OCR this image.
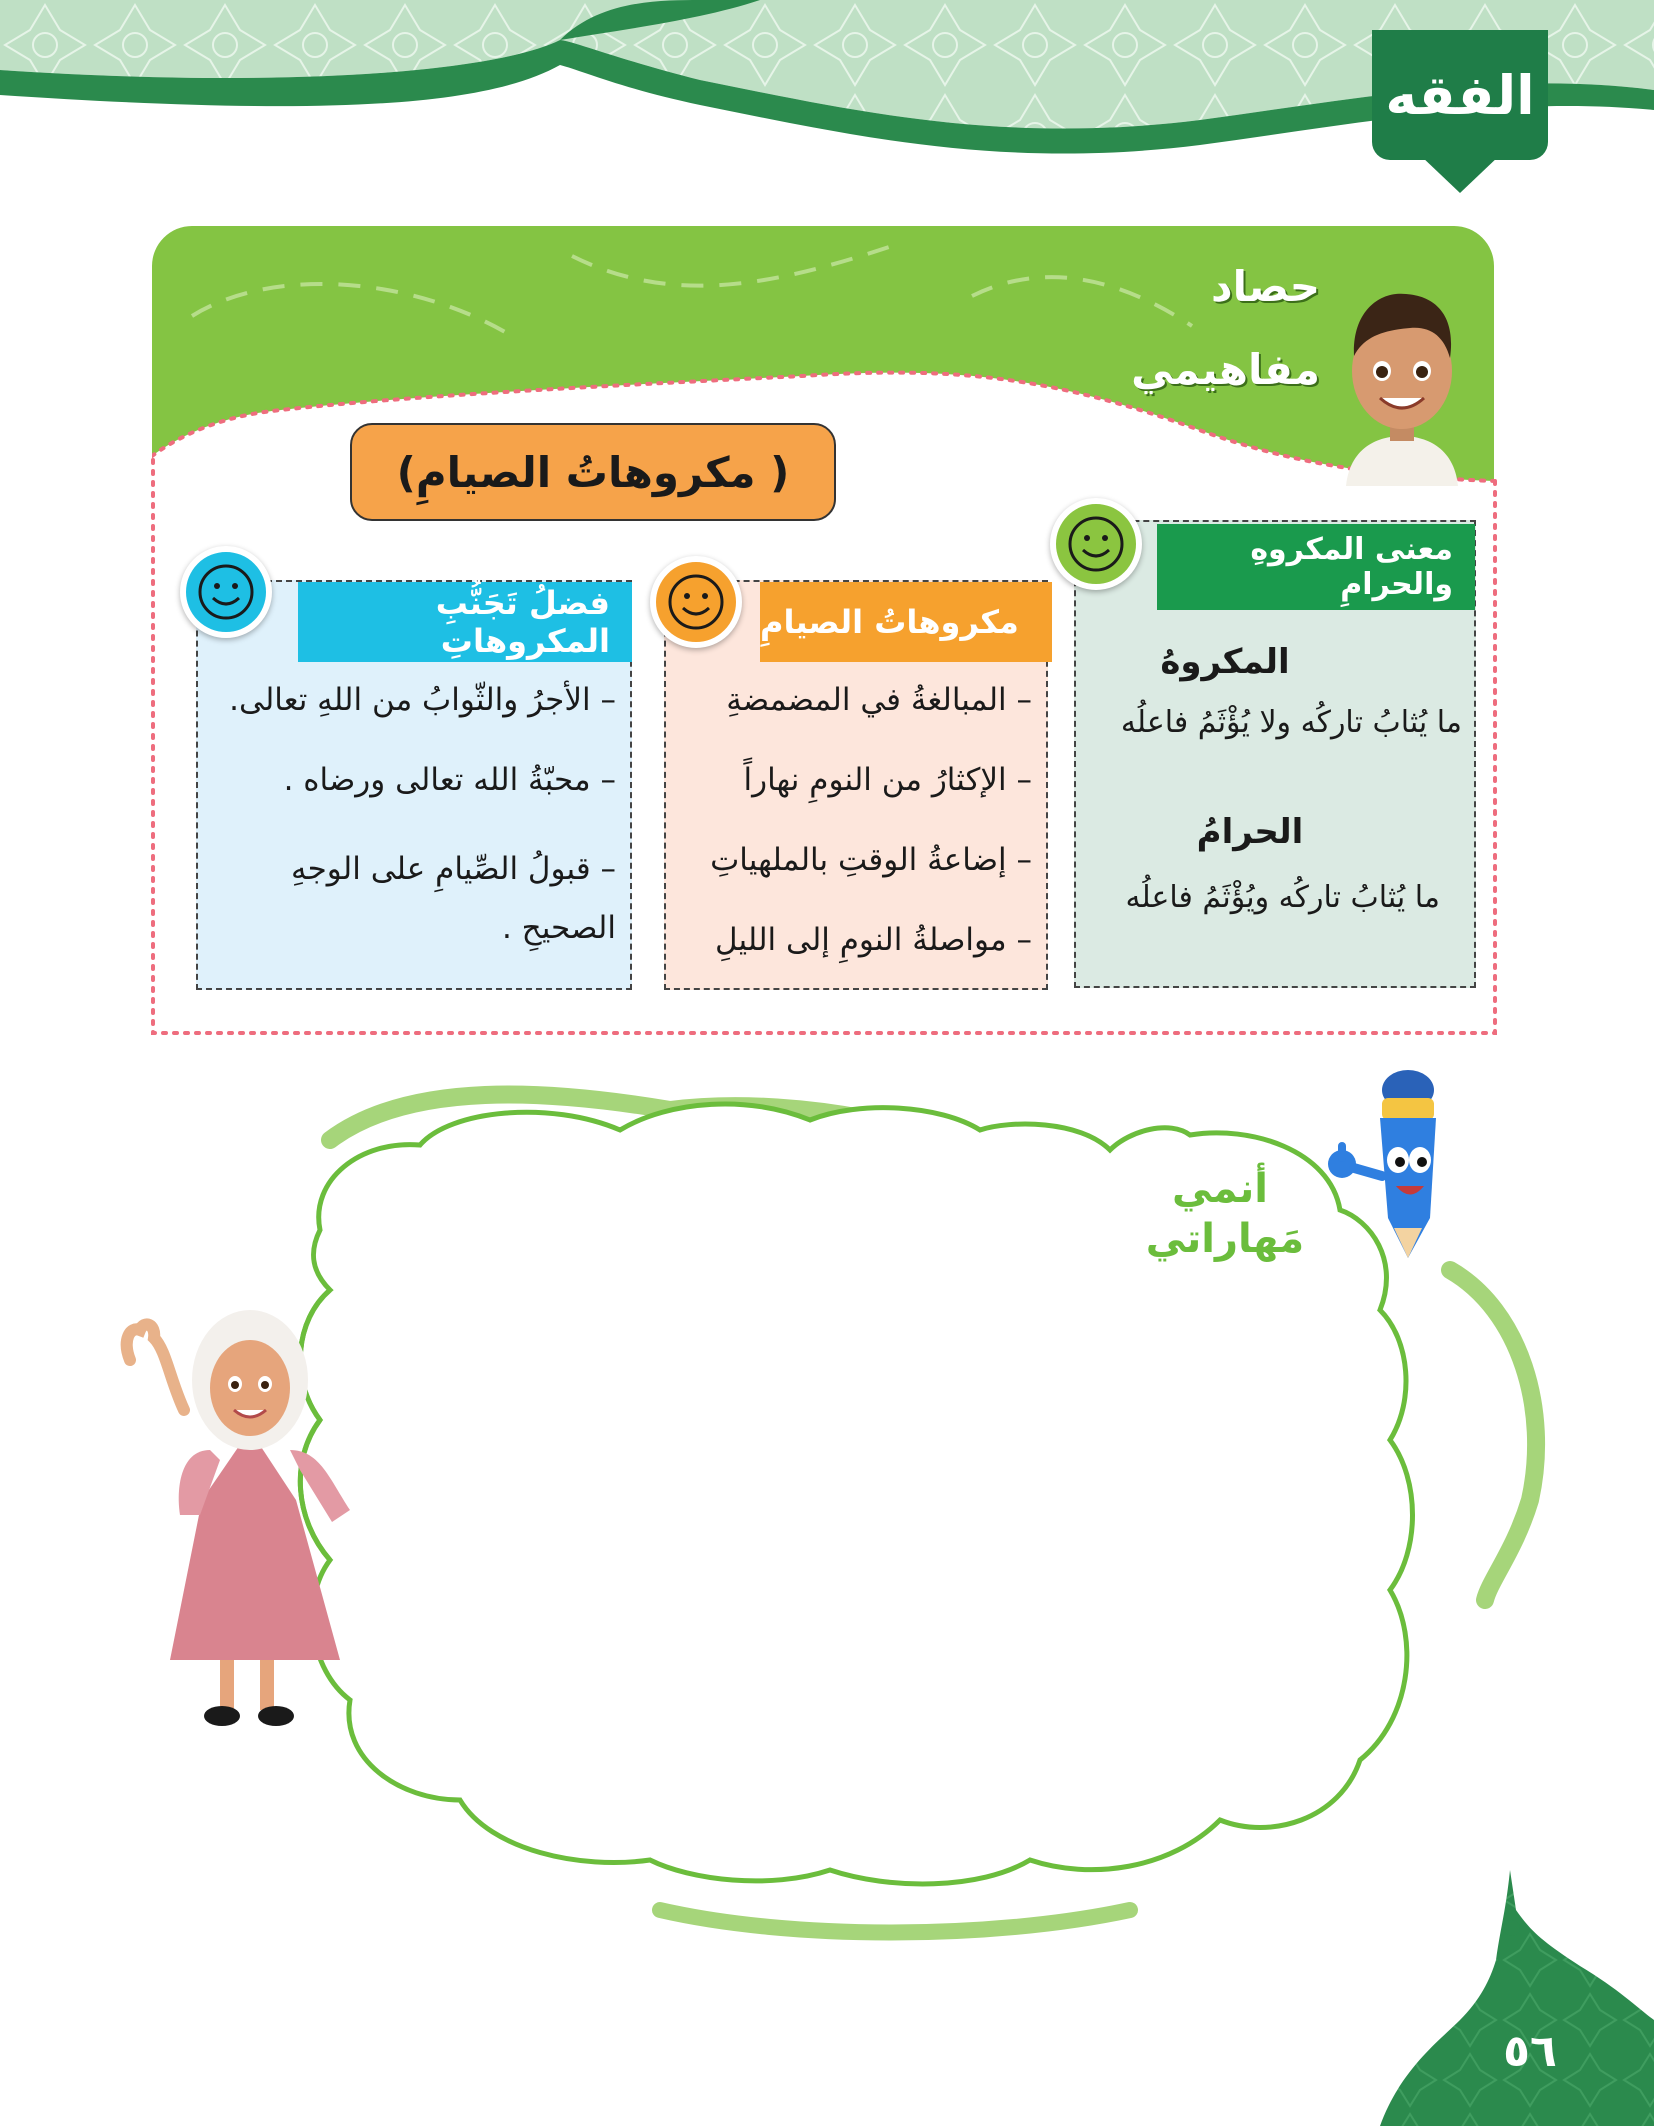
الفقه
حصاد
مفاهيمي
( مكروهاتُ الصيامِ)
معنى المكروهِ والحرامِ
المكروهُ
ما يُثابُ تاركُه ولا يُؤْثَمُ فاعلُه
الحرامُ
ما يُثابُ تاركُه ويُؤْثَمُ فاعلُه
مكروهاتُ الصيامِ
– المبالغةُ في المضمضةِ
– الإكثارُ من النومِ نهاراً
– إضاعةُ الوقتِ بالملهياتِ
– مواصلةُ النومِ إلى الليلِ
فضلُ تَجَنُّبِ المكروهاتِ
– الأجرُ والثّوابُ من اللهِ تعالى.
– محبّةُ الله تعالى ورضاه .
– قبولُ الصِّيامِ على الوجهِ الصحيحِ .
أنمي
مَهاراتي
٥٦
